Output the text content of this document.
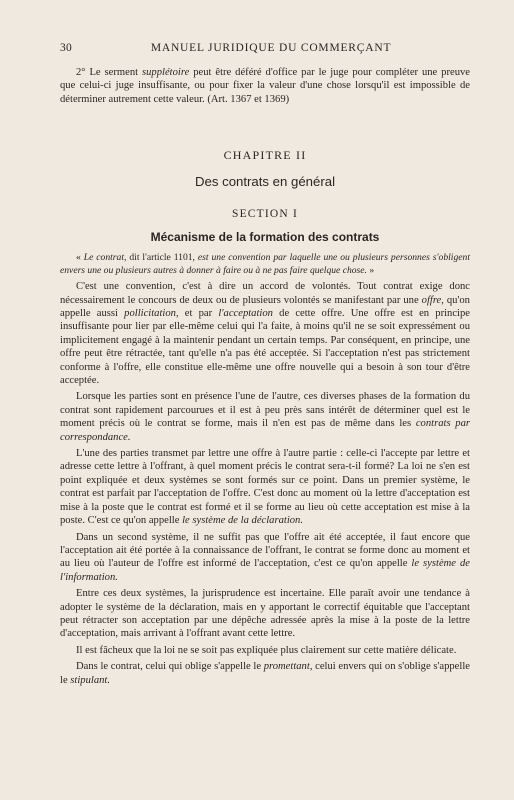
30	MANUEL JURIDIQUE DU COMMERÇANT

2° Le serment supplétoire peut être déféré d'office par le juge pour compléter une preuve que celui-ci juge insuffisante, ou pour fixer la valeur d'une chose lorsqu'il est impossible de déterminer autrement cette valeur. (Art. 1367 et 1369)

CHAPITRE II
Des contrats en général
SECTION I
Mécanisme de la formation des contrats

« Le contrat, dit l'article 1101, est une convention par laquelle une ou plusieurs personnes s'obligent envers une ou plusieurs autres à donner à faire ou à ne pas faire quelque chose. »

C'est une convention, c'est à dire un accord de volontés. Tout contrat exige donc nécessairement le concours de deux ou de plusieurs volontés se manifestant par une offre, qu'on appelle aussi pollicitation, et par l'acceptation de cette offre. Une offre est en principe insuffisante pour lier par elle-même celui qui l'a faite, à moins qu'il ne se soit expressément ou implicitement engagé à la maintenir pendant un certain temps. Par conséquent, en principe, une offre peut être rétractée, tant qu'elle n'a pas été acceptée. Si l'acceptation n'est pas strictement conforme à l'offre, elle constitue elle-même une offre nouvelle qui a besoin à son tour d'être acceptée.

Lorsque les parties sont en présence l'une de l'autre, ces diverses phases de la formation du contrat sont rapidement parcourues et il est à peu près sans intérêt de déterminer quel est le moment précis où le contrat se forme, mais il n'en est pas de même dans les contrats par correspondance.

L'une des parties transmet par lettre une offre à l'autre partie : celle-ci l'accepte par lettre et adresse cette lettre à l'offrant, à quel moment précis le contrat sera-t-il formé? La loi ne s'en est point expliquée et deux systèmes se sont formés sur ce point. Dans un premier système, le contrat est parfait par l'acceptation de l'offre. C'est donc au moment où la lettre d'acceptation est mise à la poste que le contrat est formé et il se forme au lieu où cette acceptation est mise à la poste. C'est ce qu'on appelle le système de la déclaration.

Dans un second système, il ne suffit pas que l'offre ait été acceptée, il faut encore que l'acceptation ait été portée à la connaissance de l'offrant, le contrat se forme donc au moment et au lieu où l'auteur de l'offre est informé de l'acceptation, c'est ce qu'on appelle le système de l'information.

Entre ces deux systèmes, la jurisprudence est incertaine. Elle paraît avoir une tendance à adopter le système de la déclaration, mais en y apportant le correctif équitable que l'acceptant peut rétracter son acceptation par une dépêche adressée après la mise à la poste de la lettre d'acceptation, mais arrivant à l'offrant avant cette lettre.

Il est fâcheux que la loi ne se soit pas expliquée plus clairement sur cette matière délicate.

Dans le contrat, celui qui oblige s'appelle le promettant, celui envers qui on s'oblige s'appelle le stipulant.
